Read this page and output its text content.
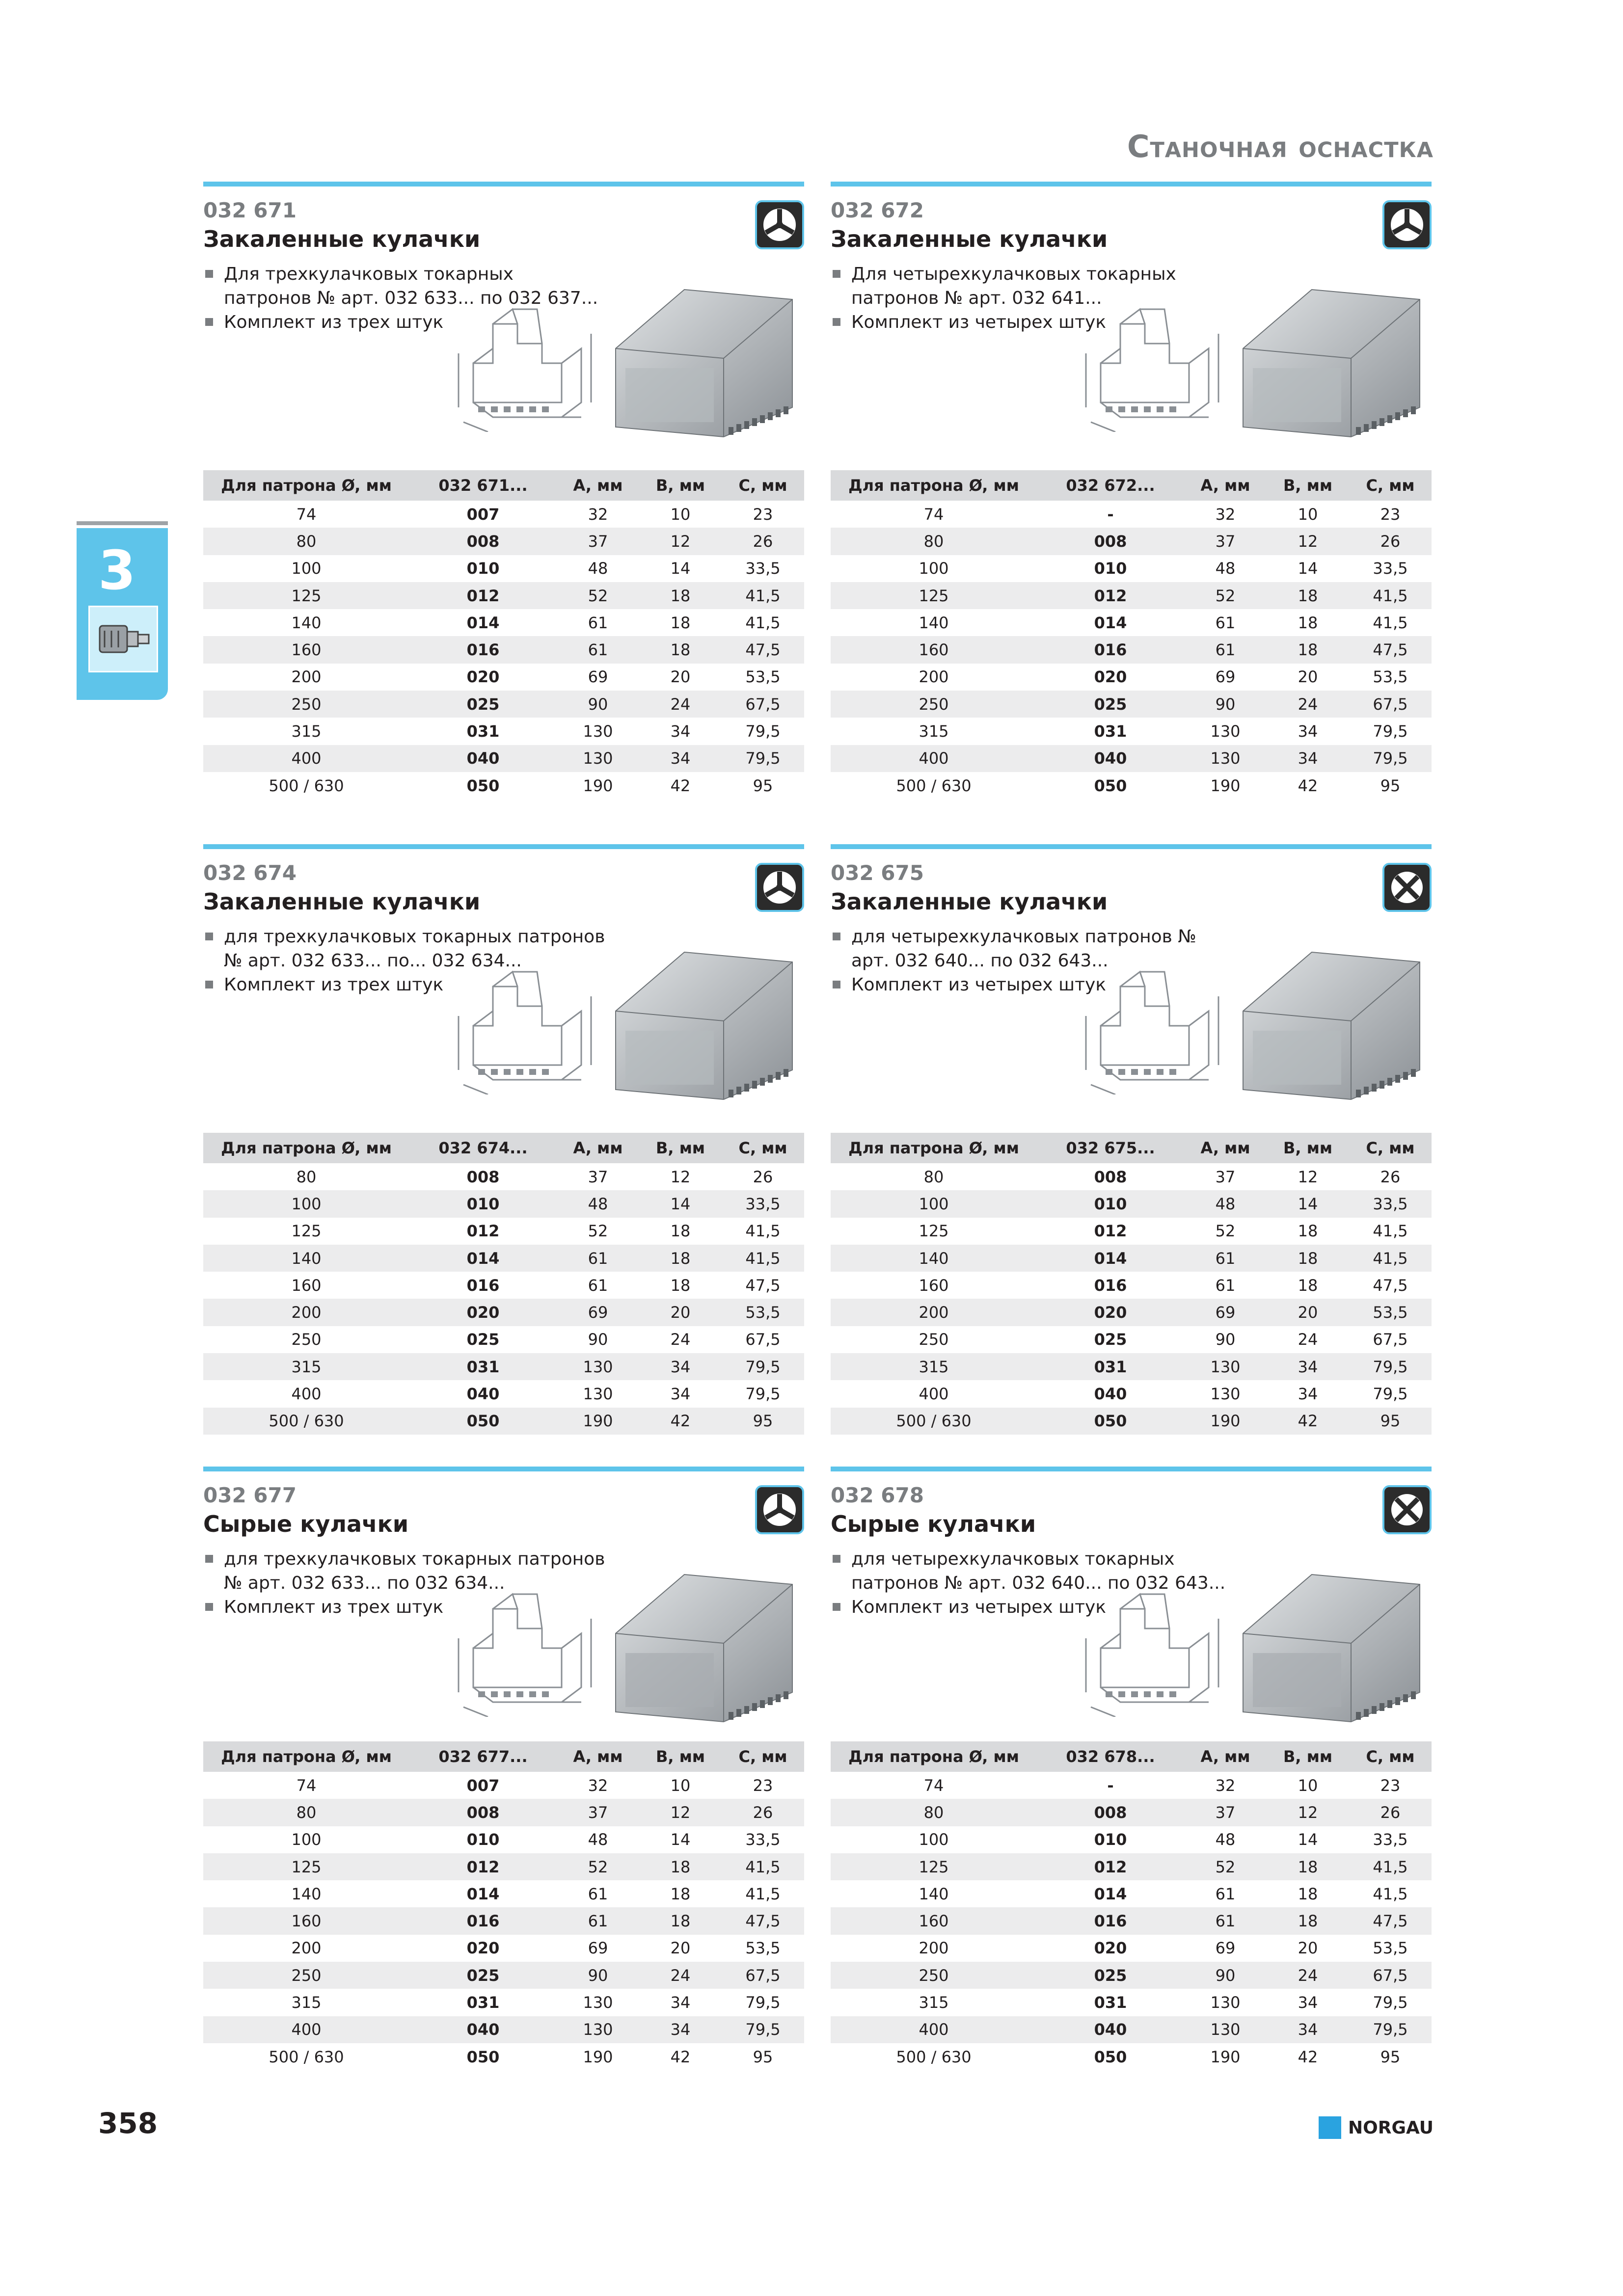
Станочная оснастка
3
032 671
Закаленные кулачки
Для трехкулачковых токарных патронов № арт. 032 633... по 032 637...
Комплект из трех штук
Для патрона Ø, мм	032 671...	A, мм	B, мм	C, мм
74	007	32	10	23
80	008	37	12	26
100	010	48	14	33,5
125	012	52	18	41,5
140	014	61	18	41,5
160	016	61	18	47,5
200	020	69	20	53,5
250	025	90	24	67,5
315	031	130	34	79,5
400	040	130	34	79,5
500 / 630	050	190	42	95
032 672
Закаленные кулачки
Для четырехкулачковых токарных патронов № арт. 032 641...
Комплект из четырех штук
Для патрона Ø, мм	032 672...	A, мм	B, мм	C, мм
74	-	32	10	23
80	008	37	12	26
100	010	48	14	33,5
125	012	52	18	41,5
140	014	61	18	41,5
160	016	61	18	47,5
200	020	69	20	53,5
250	025	90	24	67,5
315	031	130	34	79,5
400	040	130	34	79,5
500 / 630	050	190	42	95
032 674
Закаленные кулачки
для трехкулачковых токарных патронов № арт. 032 633... по... 032 634...
Комплект из трех штук
Для патрона Ø, мм	032 674...	A, мм	B, мм	C, мм
80	008	37	12	26
100	010	48	14	33,5
125	012	52	18	41,5
140	014	61	18	41,5
160	016	61	18	47,5
200	020	69	20	53,5
250	025	90	24	67,5
315	031	130	34	79,5
400	040	130	34	79,5
500 / 630	050	190	42	95
032 675
Закаленные кулачки
для четырехкулачковых патронов № арт. 032 640... по 032 643...
Комплект из четырех штук
Для патрона Ø, мм	032 675...	A, мм	B, мм	C, мм
80	008	37	12	26
100	010	48	14	33,5
125	012	52	18	41,5
140	014	61	18	41,5
160	016	61	18	47,5
200	020	69	20	53,5
250	025	90	24	67,5
315	031	130	34	79,5
400	040	130	34	79,5
500 / 630	050	190	42	95
032 677
Сырые кулачки
для трехкулачковых токарных патронов № арт. 032 633... по 032 634...
Комплект из трех штук
Для патрона Ø, мм	032 677...	A, мм	B, мм	C, мм
74	007	32	10	23
80	008	37	12	26
100	010	48	14	33,5
125	012	52	18	41,5
140	014	61	18	41,5
160	016	61	18	47,5
200	020	69	20	53,5
250	025	90	24	67,5
315	031	130	34	79,5
400	040	130	34	79,5
500 / 630	050	190	42	95
032 678
Сырые кулачки
для четырехкулачковых токарных патронов № арт. 032 640... по 032 643...
Комплект из четырех штук
Для патрона Ø, мм	032 678...	A, мм	B, мм	C, мм
74	-	32	10	23
80	008	37	12	26
100	010	48	14	33,5
125	012	52	18	41,5
140	014	61	18	41,5
160	016	61	18	47,5
200	020	69	20	53,5
250	025	90	24	67,5
315	031	130	34	79,5
400	040	130	34	79,5
500 / 630	050	190	42	95
358	NORGAU
